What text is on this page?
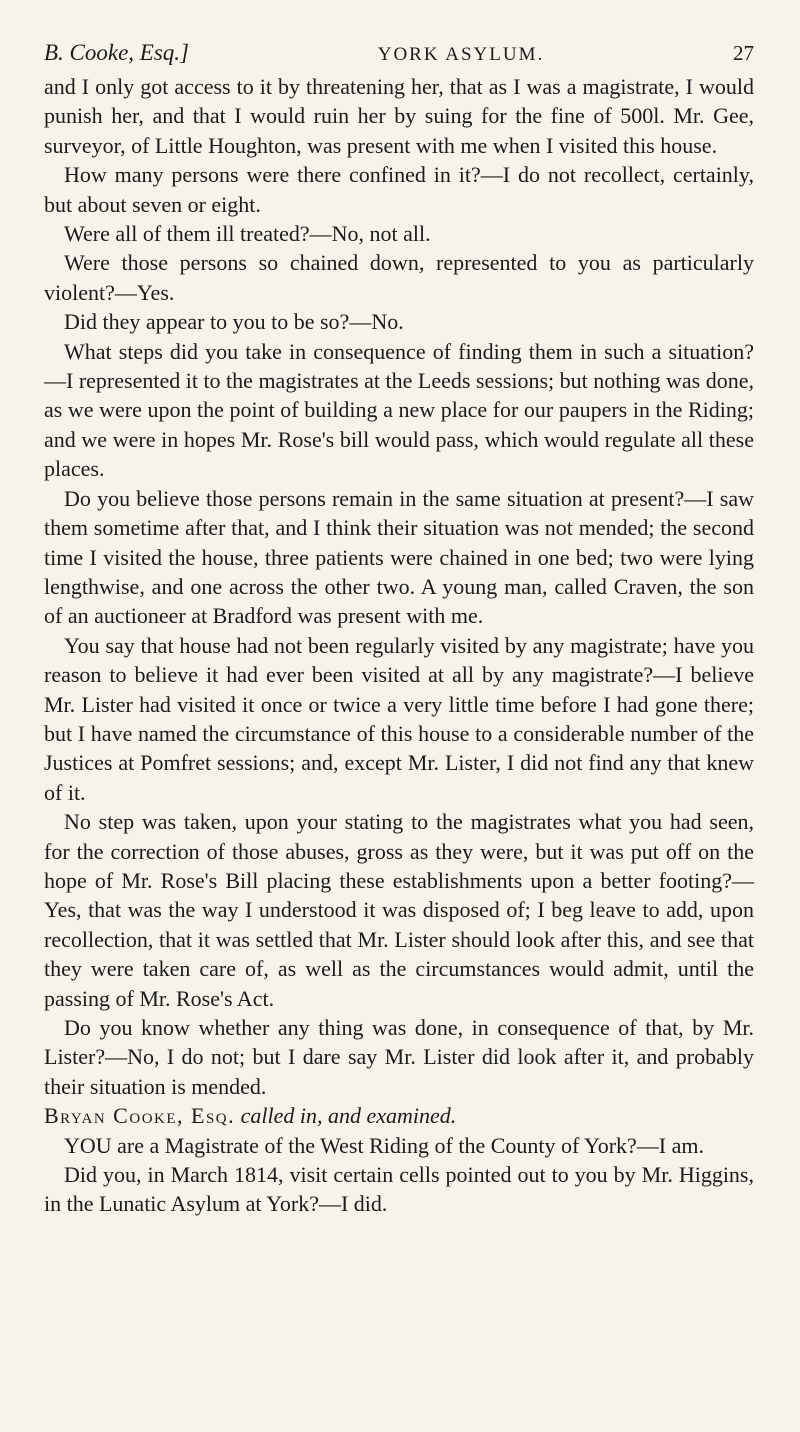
B. Cooke, Esq.]	YORK ASYLUM.	27

and I only got access to it by threatening her, that as I was a magistrate, I would punish her, and that I would ruin her by suing for the fine of 500l. Mr. Gee, surveyor, of Little Houghton, was present with me when I visited this house.

How many persons were there confined in it?—I do not recollect, certainly, but about seven or eight.

Were all of them ill treated?—No, not all.

Were those persons so chained down, represented to you as particularly violent?—Yes.

Did they appear to you to be so?—No.

What steps did you take in consequence of finding them in such a situation?—I represented it to the magistrates at the Leeds sessions; but nothing was done, as we were upon the point of building a new place for our paupers in the Riding; and we were in hopes Mr. Rose's bill would pass, which would regulate all these places.

Do you believe those persons remain in the same situation at present?—I saw them sometime after that, and I think their situation was not mended; the second time I visited the house, three patients were chained in one bed; two were lying lengthwise, and one across the other two. A young man, called Craven, the son of an auctioneer at Bradford was present with me.

You say that house had not been regularly visited by any magistrate; have you reason to believe it had ever been visited at all by any magistrate?—I believe Mr. Lister had visited it once or twice a very little time before I had gone there; but I have named the circumstance of this house to a considerable number of the Justices at Pomfret sessions; and, except Mr. Lister, I did not find any that knew of it.

No step was taken, upon your stating to the magistrates what you had seen, for the correction of those abuses, gross as they were, but it was put off on the hope of Mr. Rose's Bill placing these establishments upon a better footing?—Yes, that was the way I understood it was disposed of; I beg leave to add, upon recollection, that it was settled that Mr. Lister should look after this, and see that they were taken care of, as well as the circumstances would admit, until the passing of Mr. Rose's Act.

Do you know whether any thing was done, in consequence of that, by Mr. Lister?—No, I do not; but I dare say Mr. Lister did look after it, and probably their situation is mended.

Bryan Cooke, Esq. called in, and examined.

YOU are a Magistrate of the West Riding of the County of York?—I am.

Did you, in March 1814, visit certain cells pointed out to you by Mr. Higgins, in the Lunatic Asylum at York?—I did.
